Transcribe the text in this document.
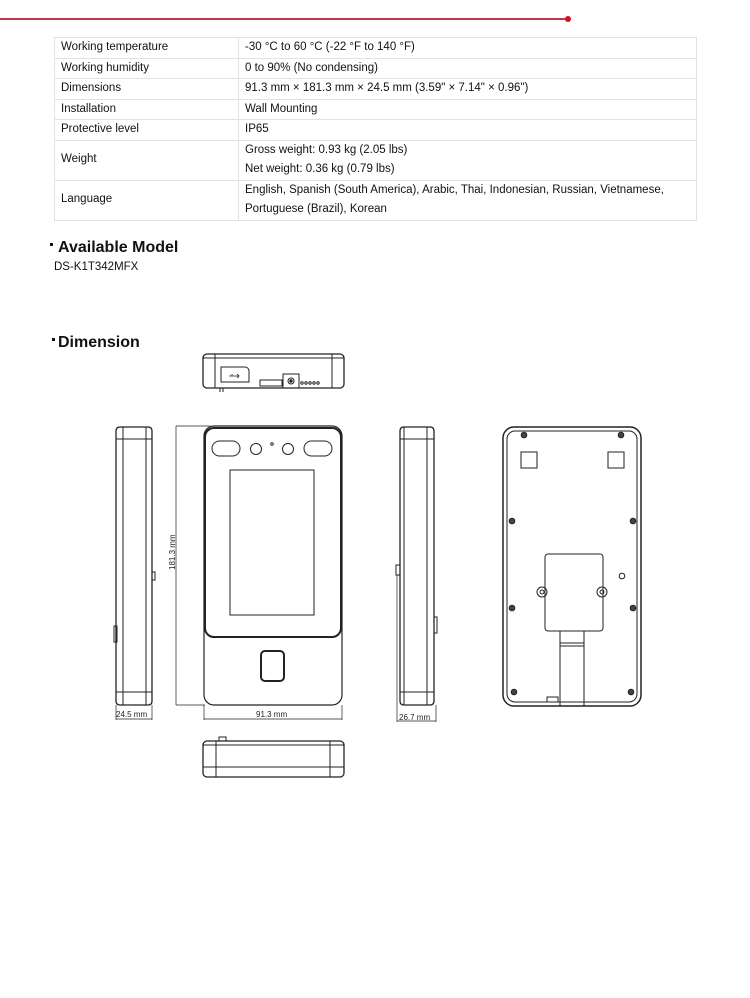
Working temperature	-30 °C to 60 °C (-22 °F to 140 °F)
Working humidity	0 to 90% (No condensing)
Dimensions	91.3 mm × 181.3 mm × 24.5 mm (3.59" × 7.14" × 0.96")
Installation	Wall Mounting
Protective level	IP65
Weight	Gross weight: 0.93 kg (2.05 lbs)
Net weight: 0.36 kg (0.79 lbs)

Language	English, Spanish (South America), Arabic, Thai, Indonesian, Russian, Vietnamese,
Portuguese (Brazil), Korean
Available Model
DS-K1T342MFX
Dimension
24.5 mm
181.3 mm
91.3 mm	26.7 mm
